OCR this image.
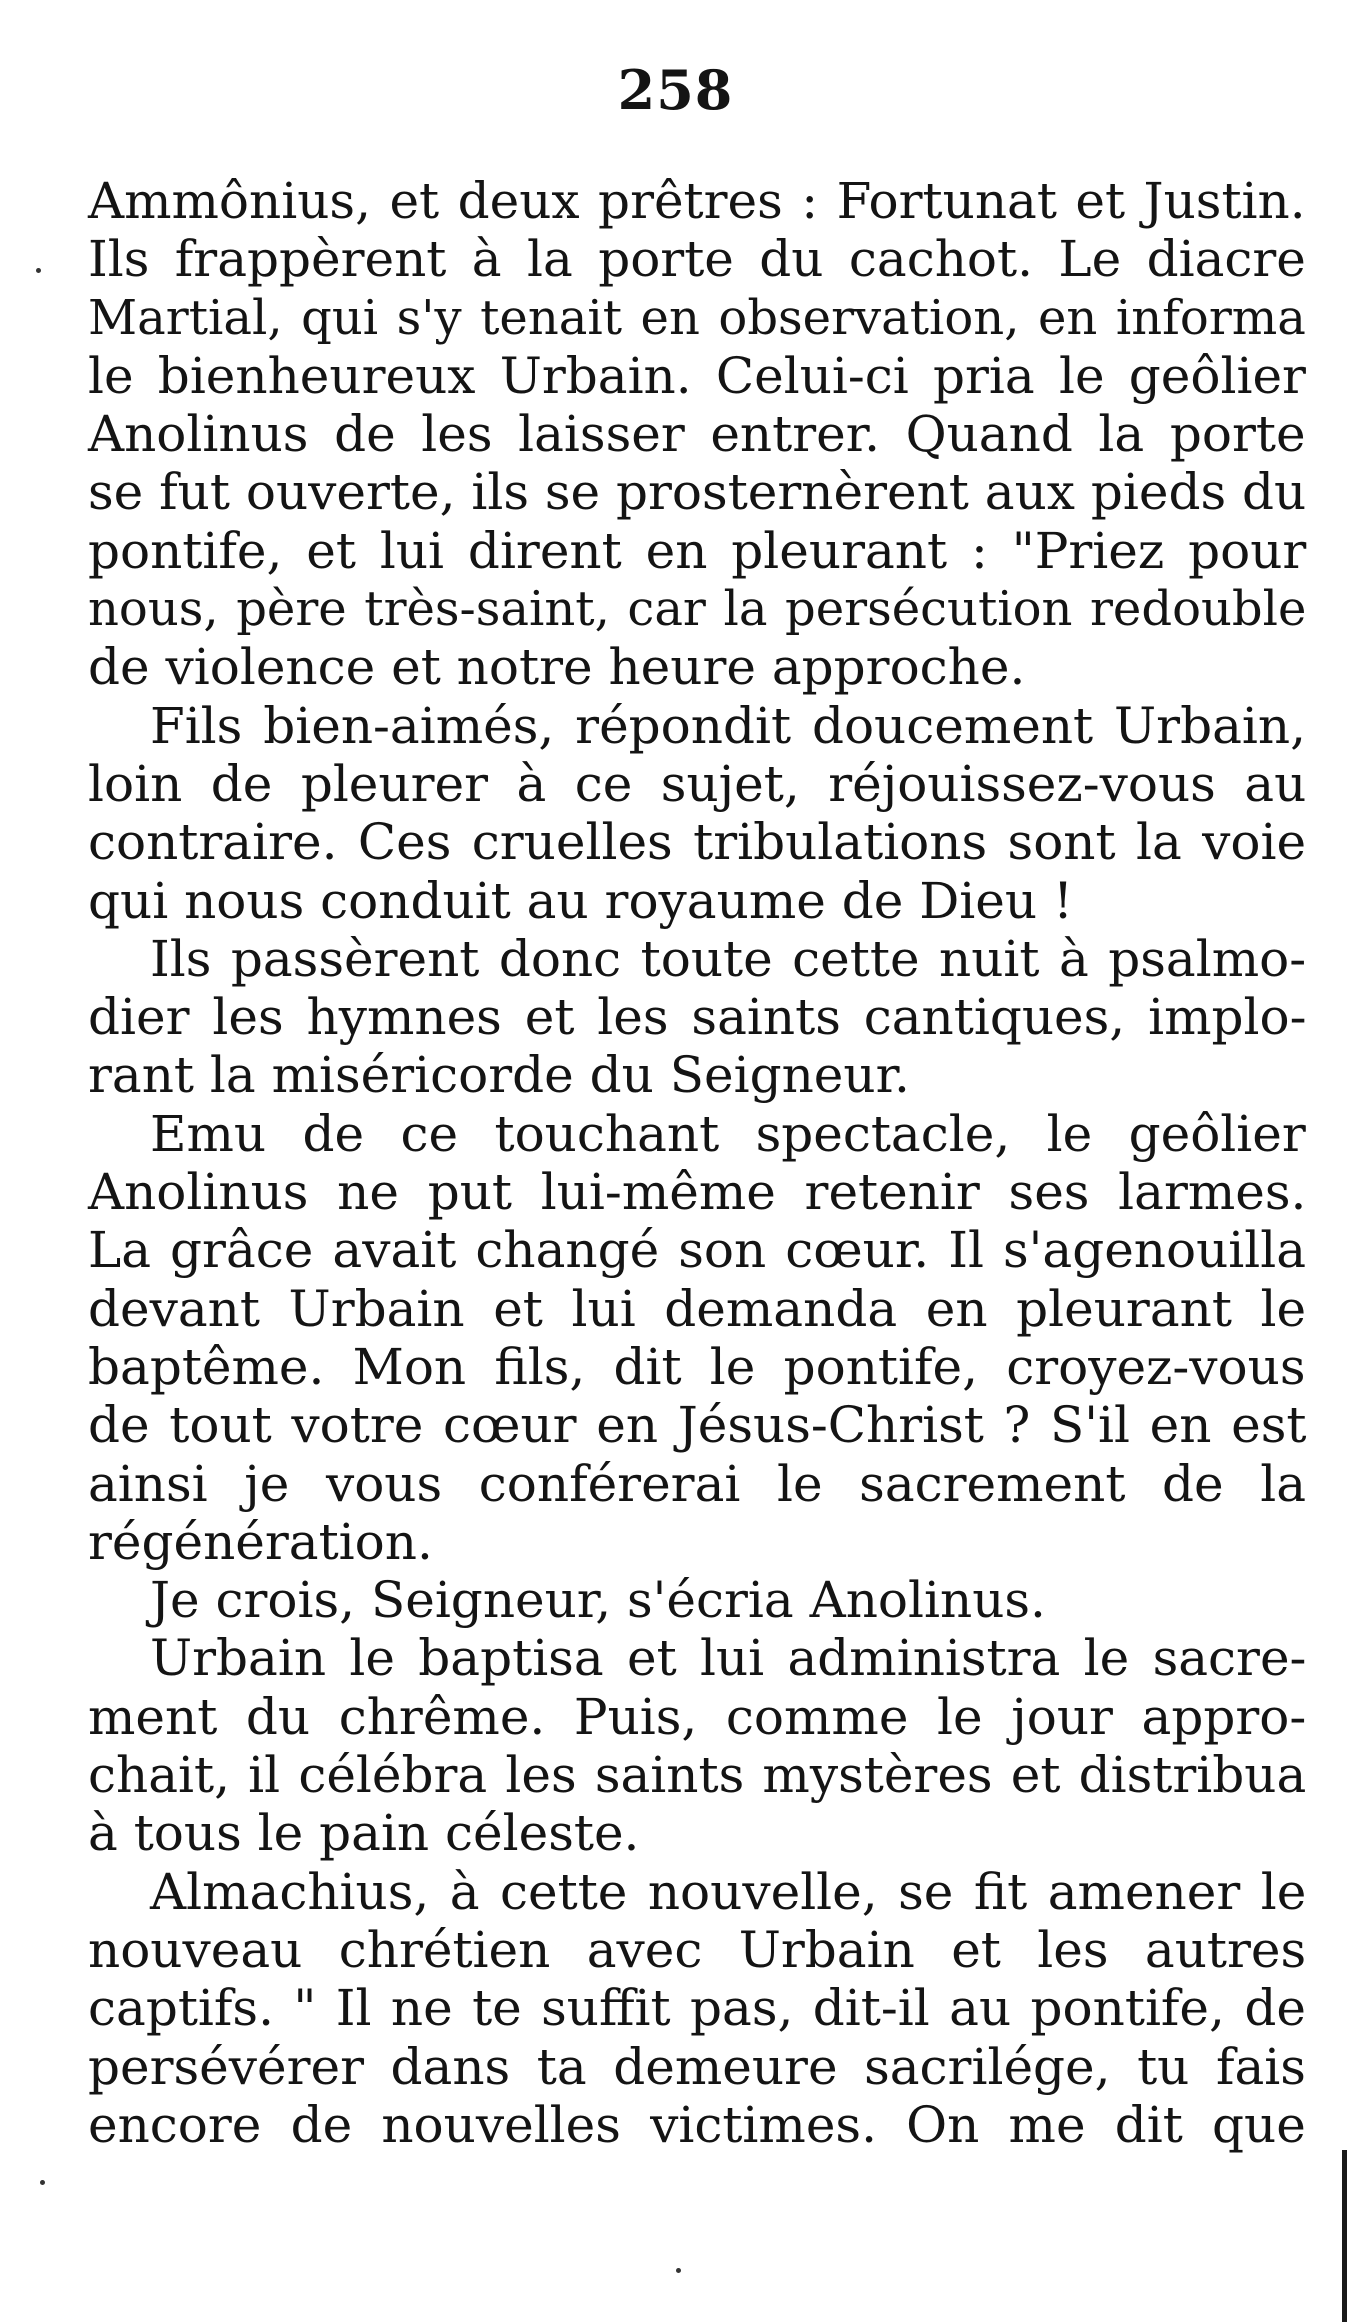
258
Ammônius, et deux prêtres : Fortunat et Justin.
Ils frappèrent à la porte du cachot. Le diacre
Martial, qui s'y tenait en observation, en informa
le bienheureux Urbain. Celui-ci pria le geôlier
Anolinus de les laisser entrer. Quand la porte
se fut ouverte, ils se prosternèrent aux pieds du
pontife, et lui dirent en pleurant : "Priez pour
nous, père très-saint, car la persécution redouble
de violence et notre heure approche.
Fils bien-aimés, répondit doucement Urbain,
loin de pleurer à ce sujet, réjouissez-vous au
contraire. Ces cruelles tribulations sont la voie
qui nous conduit au royaume de Dieu !
Ils passèrent donc toute cette nuit à psalmo-
dier les hymnes et les saints cantiques, implo-
rant la miséricorde du Seigneur.
Emu de ce touchant spectacle, le geôlier
Anolinus ne put lui-même retenir ses larmes.
La grâce avait changé son cœur. Il s'agenouilla
devant Urbain et lui demanda en pleurant le
baptême. Mon fils, dit le pontife, croyez-vous
de tout votre cœur en Jésus-Christ ? S'il en est
ainsi je vous conférerai le sacrement de la
régénération.
Je crois, Seigneur, s'écria Anolinus.
Urbain le baptisa et lui administra le sacre-
ment du chrême. Puis, comme le jour appro-
chait, il célébra les saints mystères et distribua
à tous le pain céleste.
Almachius, à cette nouvelle, se fit amener le
nouveau chrétien avec Urbain et les autres
captifs. " Il ne te suffit pas, dit-il au pontife, de
persévérer dans ta demeure sacrilége, tu fais
encore de nouvelles victimes. On me dit que
